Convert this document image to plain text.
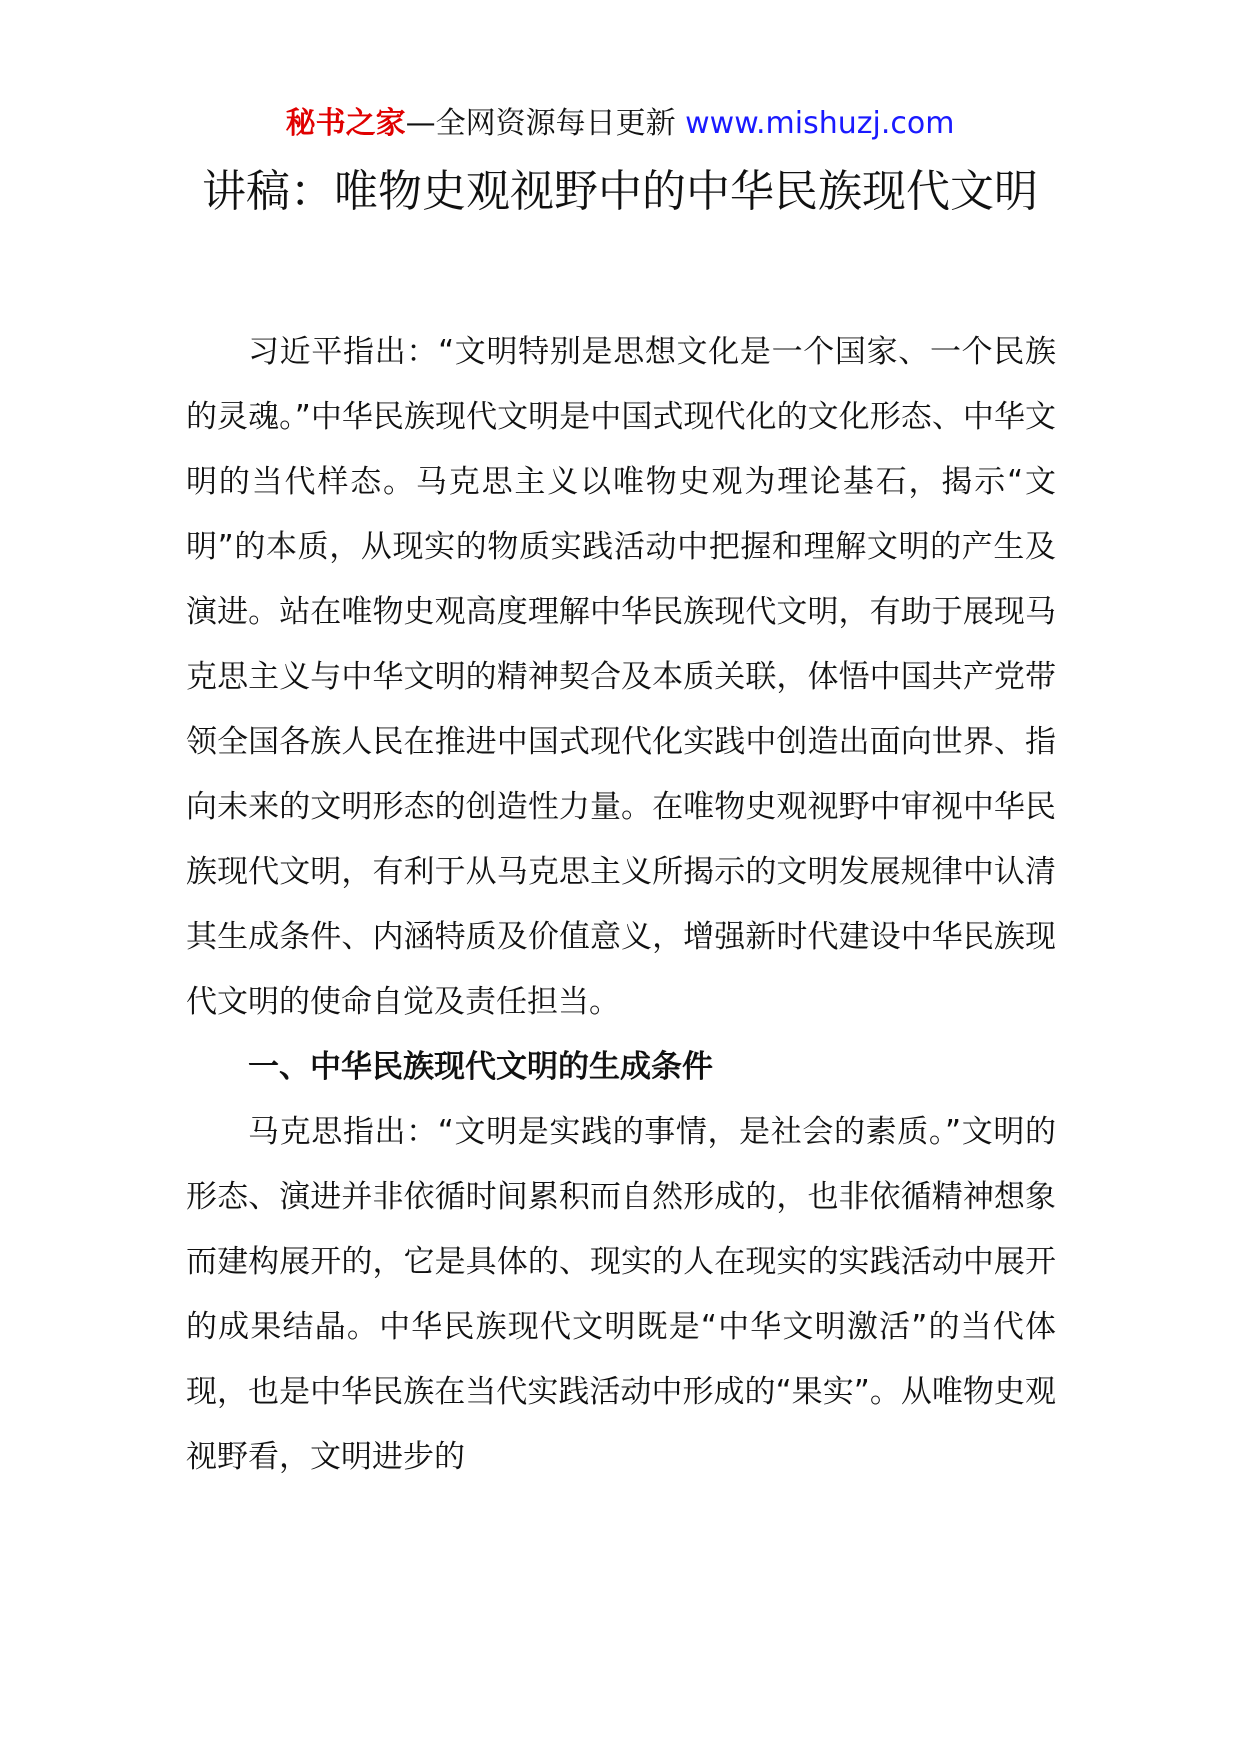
秘书之家—全网资源每日更新 www.mishuzj.com
讲稿：唯物史观视野中的中华民族现代文明

习近平指出：“文明特别是思想文化是一个国家、一个民族的灵魂。”中华民族现代文明是中国式现代化的文化形态、中华文明的当代样态。马克思主义以唯物史观为理论基石，揭示“文明”的本质，从现实的物质实践活动中把握和理解文明的产生及演进。站在唯物史观高度理解中华民族现代文明，有助于展现马克思主义与中华文明的精神契合及本质关联，体悟中国共产党带领全国各族人民在推进中国式现代化实践中创造出面向世界、指向未来的文明形态的创造性力量。在唯物史观视野中审视中华民族现代文明，有利于从马克思主义所揭示的文明发展规律中认清其生成条件、内涵特质及价值意义，增强新时代建设中华民族现代文明的使命自觉及责任担当。

一、中华民族现代文明的生成条件

马克思指出：“文明是实践的事情，是社会的素质。”文明的形态、演进并非依循时间累积而自然形成的，也非依循精神想象而建构展开的，它是具体的、现实的人在现实的实践活动中展开的成果结晶。中华民族现代文明既是“中华文明激活”的当代体现，也是中华民族在当代实践活动中形成的“果实”。从唯物史观视野看，文明进步的
